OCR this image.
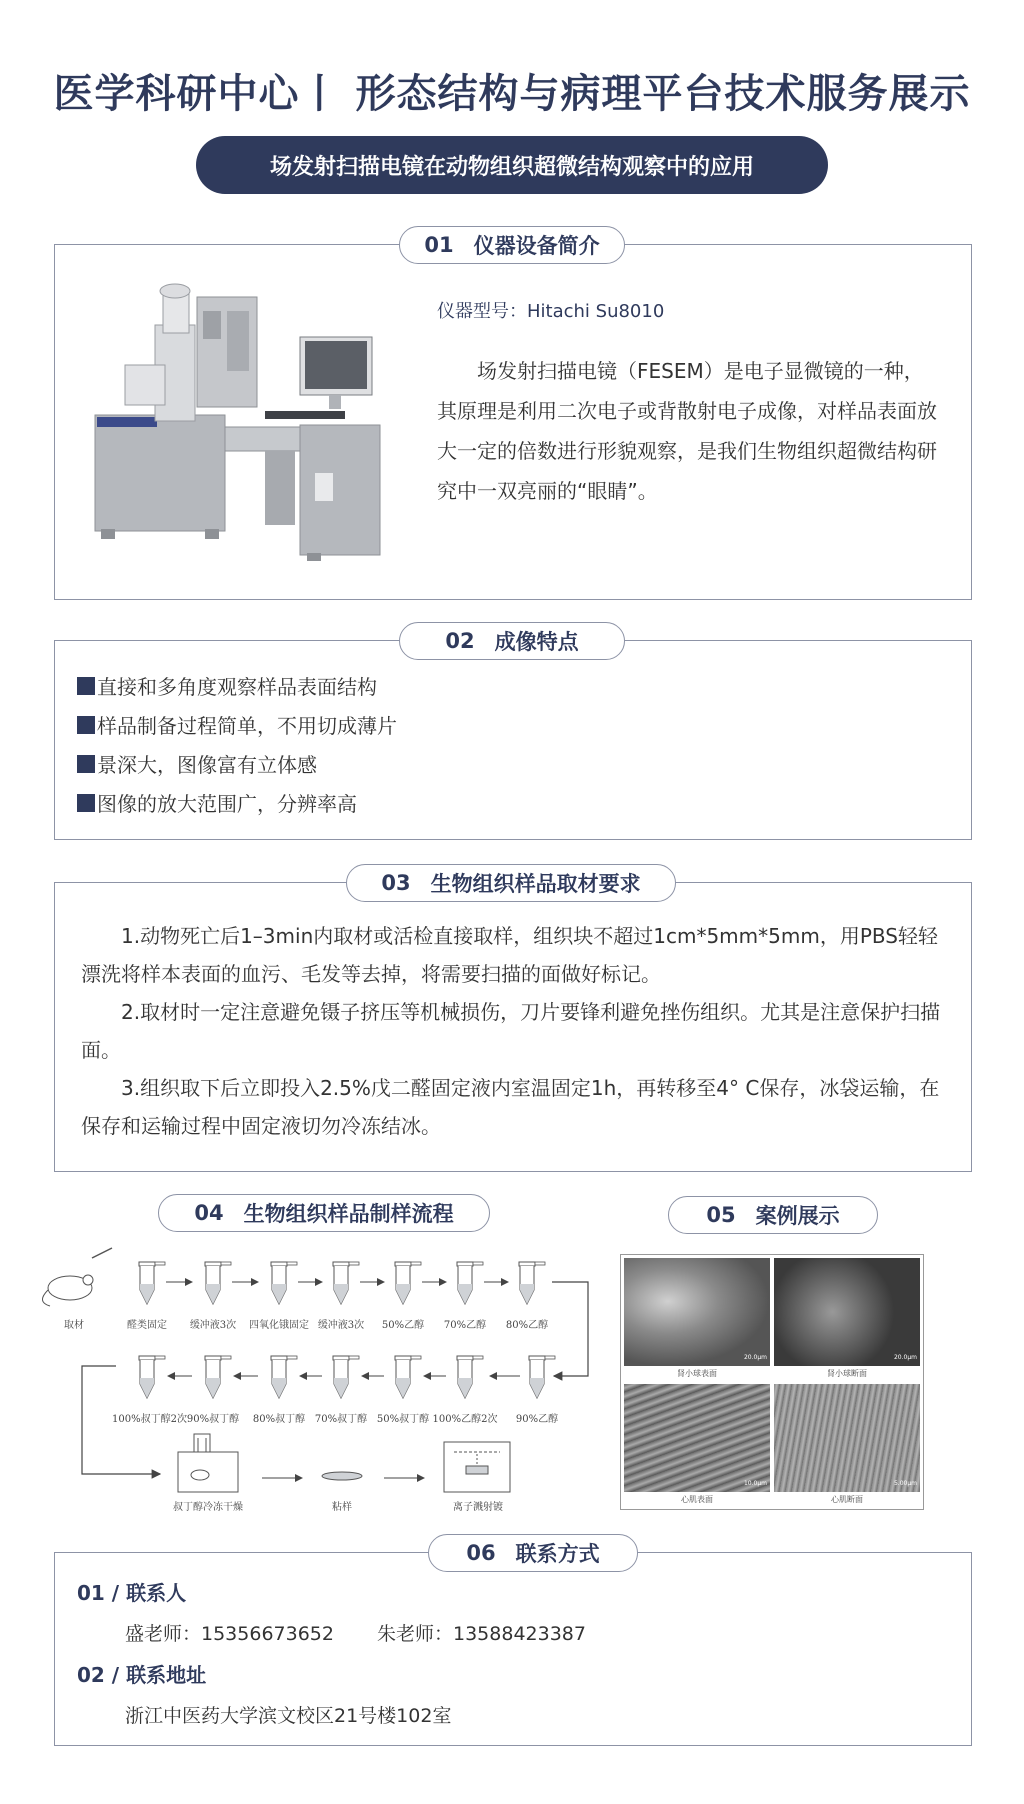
医学科研中心丨 形态结构与病理平台技术服务展示
场发射扫描电镜在动物组织超微结构观察中的应用
01 仪器设备简介
仪器型号：Hitachi Su8010
场发射扫描电镜（FESEM）是电子显微镜的一种，其原理是利用二次电子或背散射电子成像，对样品表面放大一定的倍数进行形貌观察，是我们生物组织超微结构研究中一双亮丽的“眼睛”。
02 成像特点
直接和多角度观察样品表面结构
样品制备过程简单，不用切成薄片
景深大，图像富有立体感
图像的放大范围广，分辨率高
03 生物组织样品取材要求

1.动物死亡后1–3min内取材或活检直接取样，组织块不超过1cm*5mm*5mm，用PBS轻轻漂洗将样本表面的血污、毛发等去掉，将需要扫描的面做好标记。

2.取材时一定注意避免镊子挤压等机械损伤，刀片要锋利避免挫伤组织。尤其是注意保护扫描面。

3.组织取下后立即投入2.5%戊二醛固定液内室温固定1h，再转移至4° C保存，冰袋运输，在保存和运输过程中固定液切勿冷冻结冰。

04 生物组织样品制样流程
取材	醛类固定	缓冲液3次	四氧化锇固定 缓冲液3次	50%乙醇	70%乙醇	80%乙醇
100%叔丁醇2次 90%叔丁醇 80%叔丁醇 70%叔丁醇 50%叔丁醇 100%乙醇2次	90%乙醇
叔丁醇冷冻干燥	粘样	离子溅射镀
05 案例展示
20.0μm
肾小球表面
20.0μm
肾小球断面
10.0μm
心肌表面
5.00μm
心肌断面
06 联系方式
01 / 联系人
盛老师：15356673652 朱老师：13588423387
02 / 联系地址
浙江中医药大学滨文校区21号楼102室
